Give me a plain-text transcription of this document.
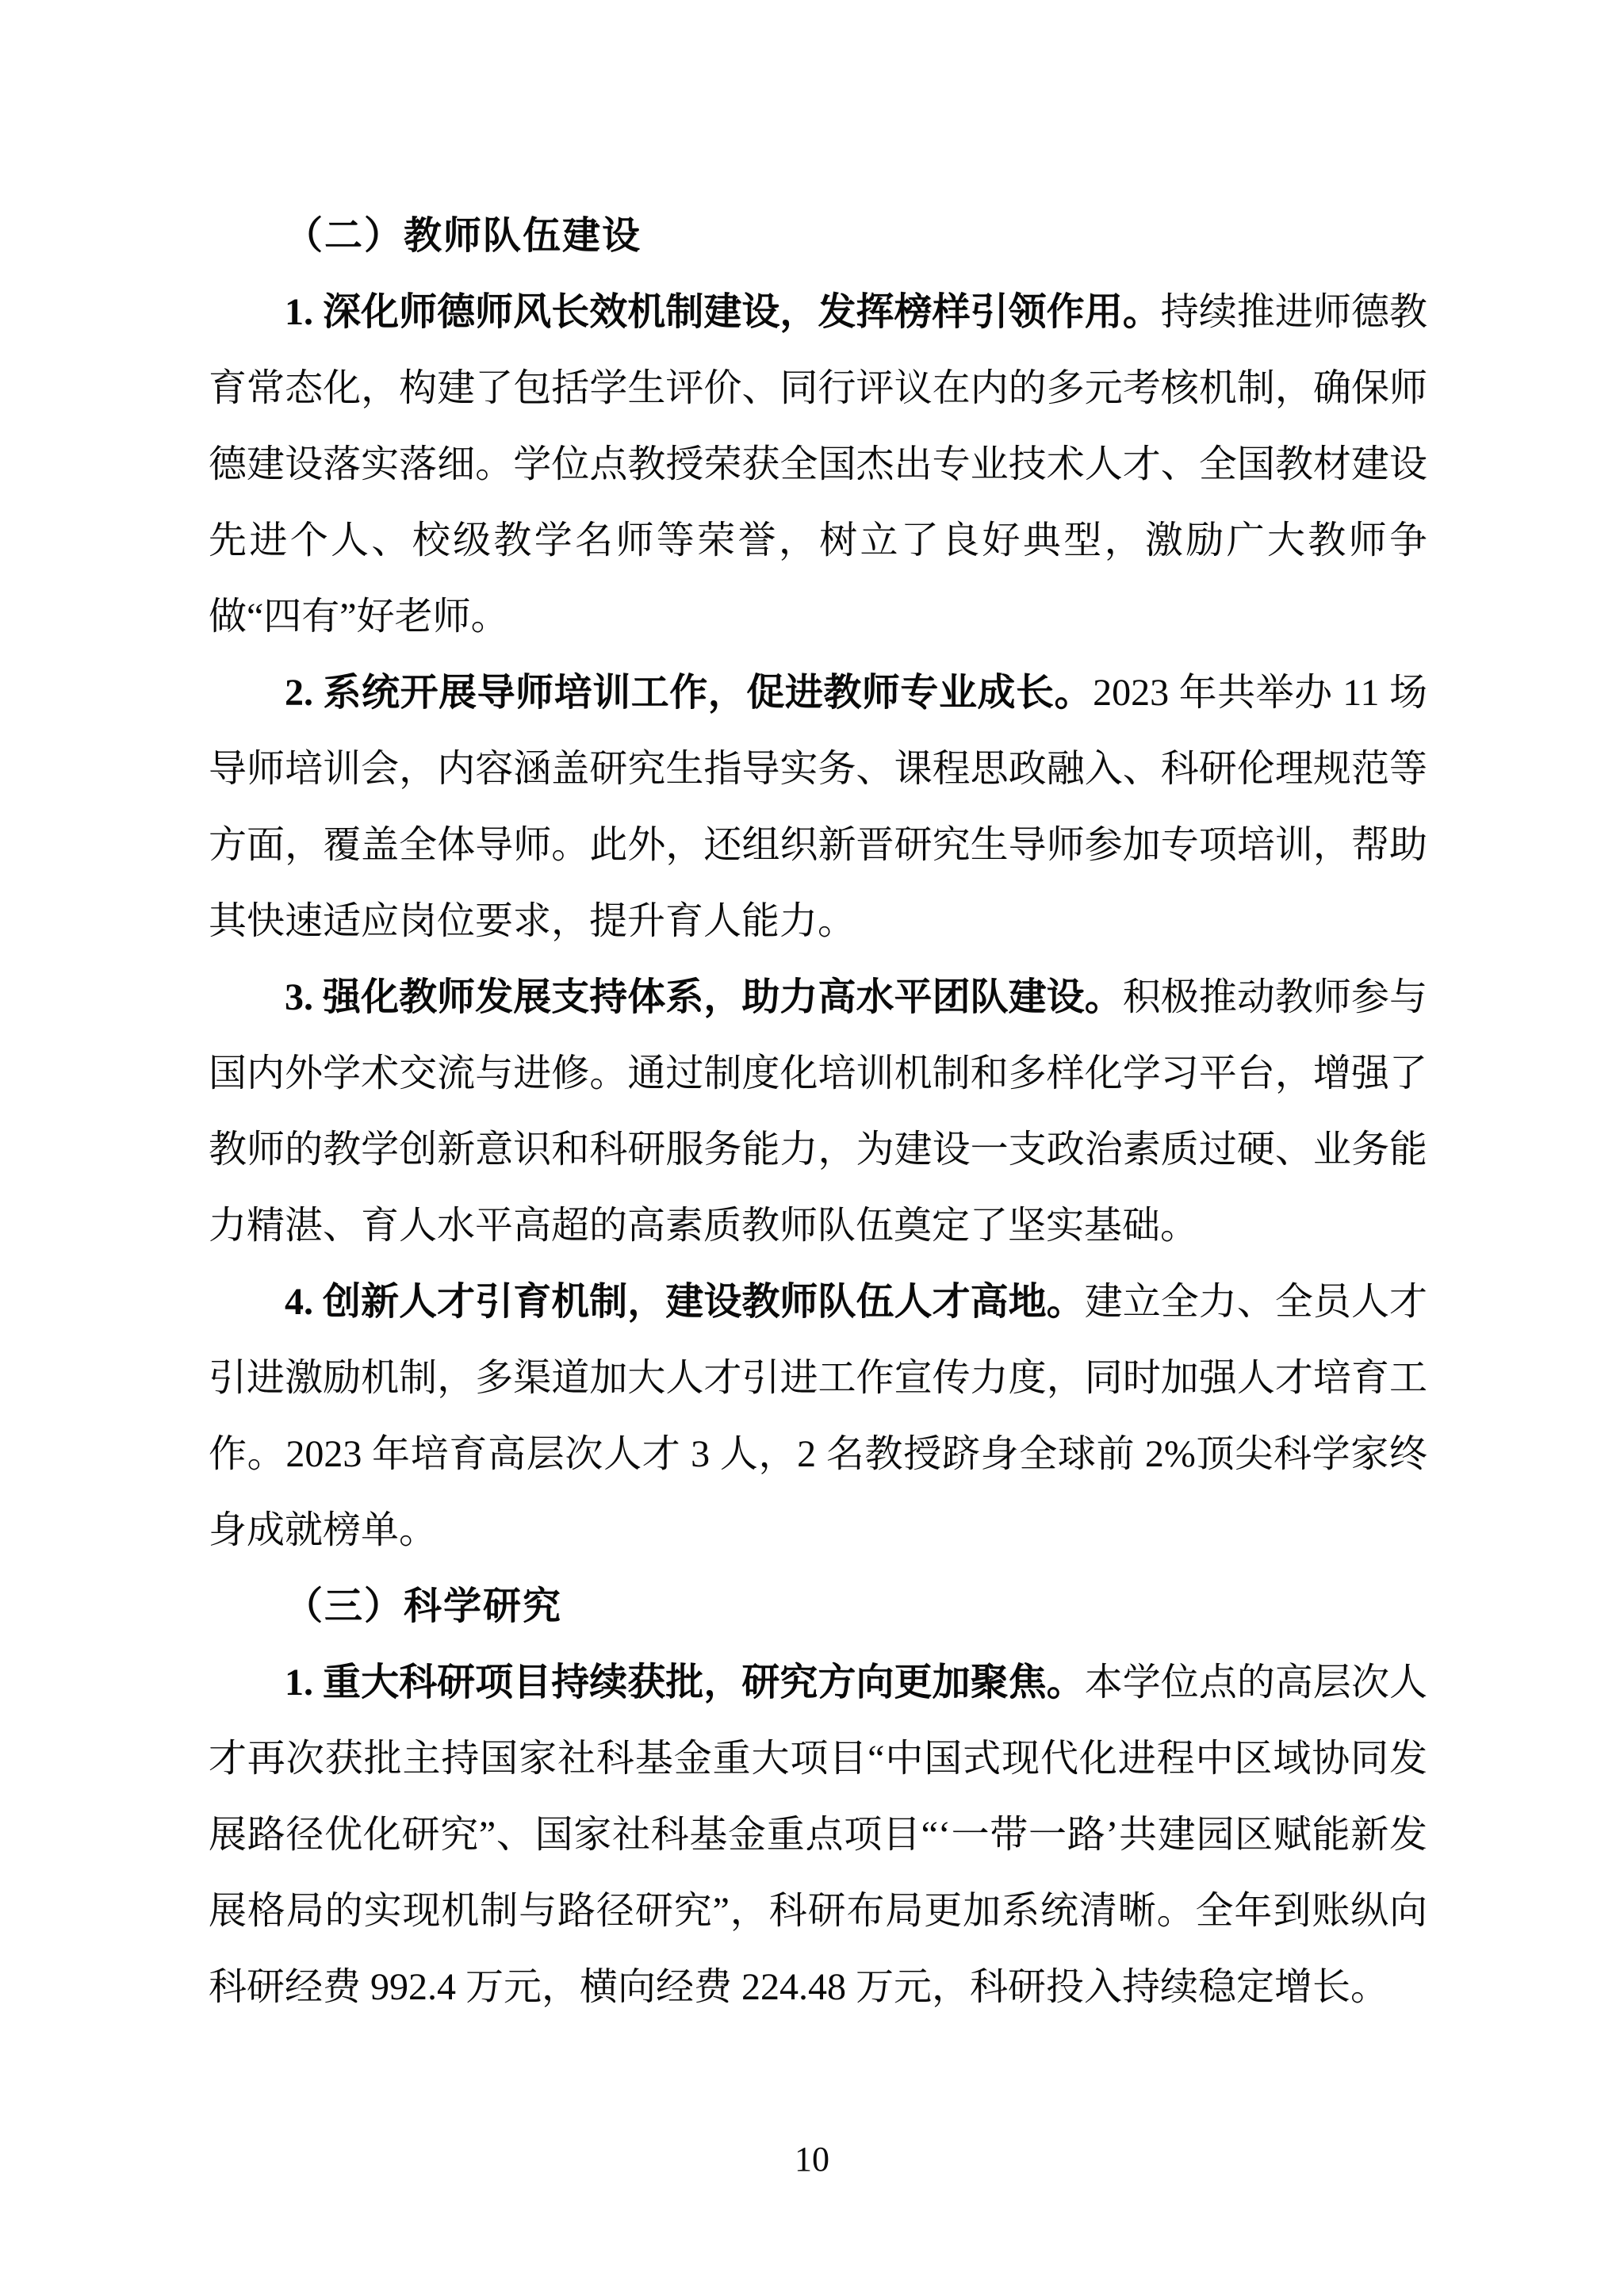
（二）教师队伍建设

1. 深化师德师风长效机制建设，发挥榜样引领作用。持续推进师德教育常态化，构建了包括学生评价、同行评议在内的多元考核机制，确保师德建设落实落细。学位点教授荣获全国杰出专业技术人才、全国教材建设先进个人、校级教学名师等荣誉，树立了良好典型，激励广大教师争做“四有”好老师。

2. 系统开展导师培训工作，促进教师专业成长。2023 年共举办 11 场导师培训会，内容涵盖研究生指导实务、课程思政融入、科研伦理规范等方面，覆盖全体导师。此外，还组织新晋研究生导师参加专项培训，帮助其快速适应岗位要求，提升育人能力。

3. 强化教师发展支持体系，助力高水平团队建设。积极推动教师参与国内外学术交流与进修。通过制度化培训机制和多样化学习平台，增强了教师的教学创新意识和科研服务能力，为建设一支政治素质过硬、业务能力精湛、育人水平高超的高素质教师队伍奠定了坚实基础。

4. 创新人才引育机制，建设教师队伍人才高地。建立全力、全员人才引进激励机制，多渠道加大人才引进工作宣传力度，同时加强人才培育工作。2023 年培育高层次人才 3 人，2 名教授跻身全球前 2%顶尖科学家终身成就榜单。

（三）科学研究

1. 重大科研项目持续获批，研究方向更加聚焦。本学位点的高层次人才再次获批主持国家社科基金重大项目“中国式现代化进程中区域协同发展路径优化研究”、国家社科基金重点项目“‘一带一路’共建园区赋能新发展格局的实现机制与路径研究”，科研布局更加系统清晰。全年到账纵向科研经费 992.4 万元，横向经费 224.48 万元，科研投入持续稳定增长。

10
